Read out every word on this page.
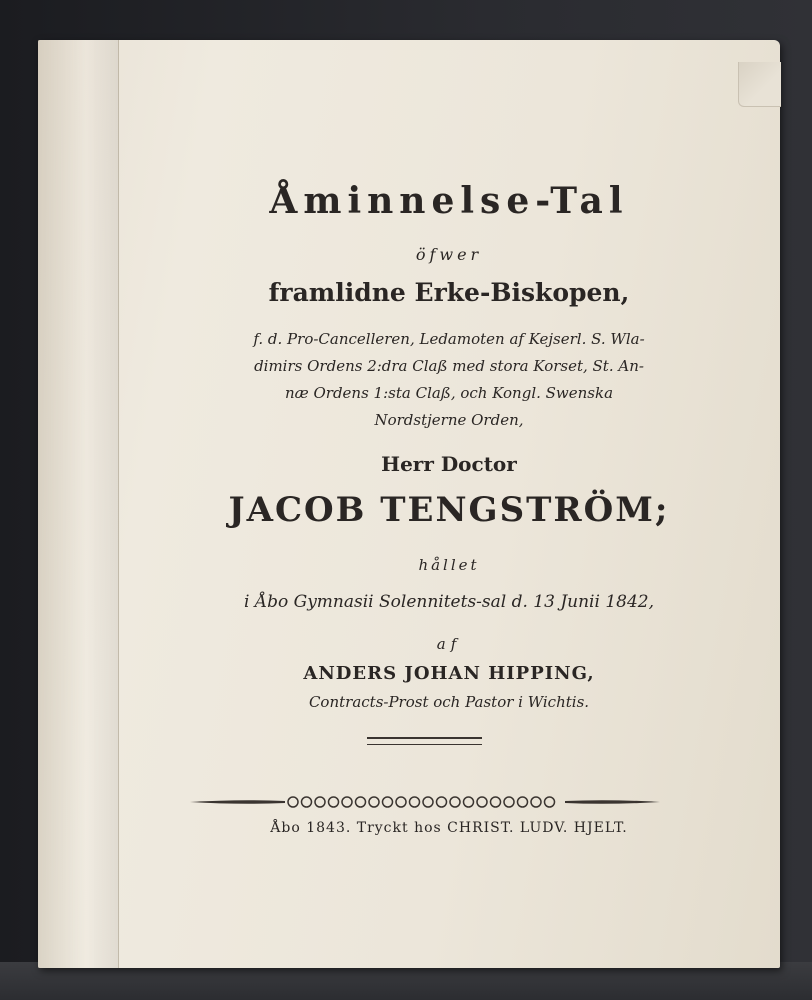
Åminnelse-Tal
öfwer
framlidne Erke-Biskopen,
f. d. Pro-Cancelleren, Ledamoten af Kejserl. S. Wla-
dimirs Ordens 2:dra Claß med stora Korset, St. An-
næ Ordens 1:sta Claß, och Kongl. Swenska
Nordstjerne Orden,
Herr Doctor
JACOB TENGSTRÖM;
hållet
i Åbo Gymnasii Solennitets-sal d. 13 Junii 1842,
af
ANDERS JOHAN HIPPING,
Contracts-Prost och Pastor i Wichtis.
Åbo 1843. Tryckt hos CHRIST. LUDV. HJELT.
